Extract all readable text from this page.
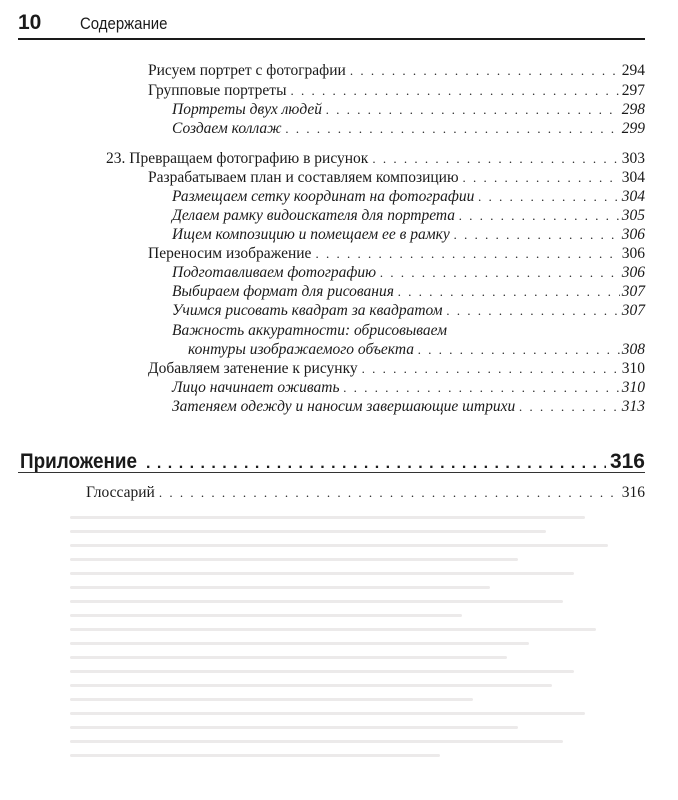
10 Содержание
Рисуем портрет с фотографии . . .	294
Групповые портреты . . .	297
Портреты двух людей . . .	298
Создаем коллаж . . .	299
23. Превращаем фотографию в рисунок . . .	303
Разрабатываем план и составляем композицию . . .	304
Размещаем сетку координат на фотографии . . .	304
Делаем рамку видоискателя для портрета . . .	305
Ищем композицию и помещаем ее в рамку . . .	306
Переносим изображение . . .	306
Подготавливаем фотографию . . .	306
Выбираем формат для рисования . . .	307
Учимся рисовать квадрат за квадратом . . .	307
Важность аккуратности: обрисовываем
контуры изображаемого объекта . . .	308
Добавляем затенение к рисунку . . .	310
Лицо начинает оживать . . .	310
Затеняем одежду и наносим завершающие штрихи . . .	313
Приложение . . .	316
Глоссарий . . .	316
